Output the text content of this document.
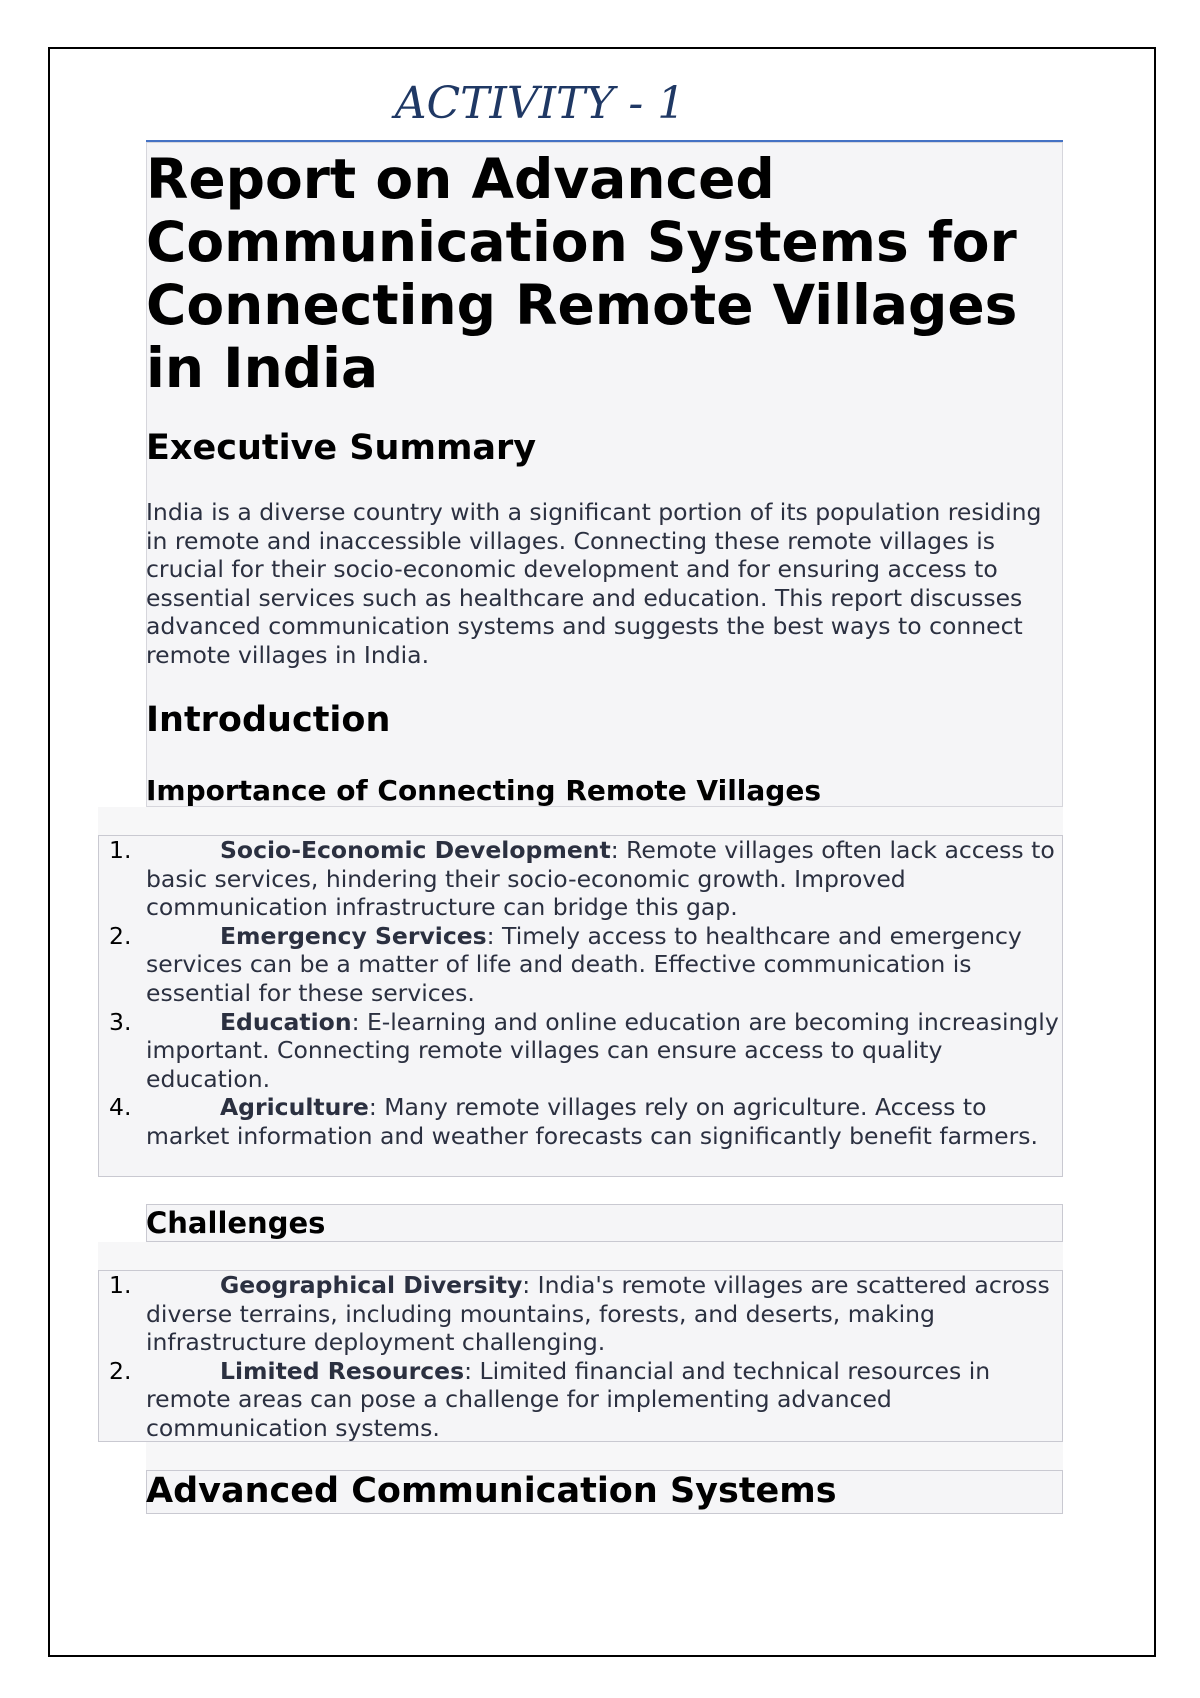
ACTIVITY - 1
Report on Advanced Communication Systems for Connecting Remote Villages in India
Executive Summary

India is a diverse country with a significant portion of its population residing in remote and inaccessible villages. Connecting these remote villages is crucial for their socio-economic development and for ensuring access to essential services such as healthcare and education. This report discusses advanced communication systems and suggests the best ways to connect remote villages in India.

Introduction
Importance of Connecting Remote Villages
1.	Socio-Economic Development: Remote villages often lack access to basic services, hindering their socio-economic growth. Improved communication infrastructure can bridge this gap.
2.	Emergency Services: Timely access to healthcare and emergency services can be a matter of life and death. Effective communication is essential for these services.
3.	Education: E-learning and online education are becoming increasingly important. Connecting remote villages can ensure access to quality education.
4.	Agriculture: Many remote villages rely on agriculture. Access to market information and weather forecasts can significantly benefit farmers.
Challenges
1.	Geographical Diversity: India's remote villages are scattered across diverse terrains, including mountains, forests, and deserts, making infrastructure deployment challenging.
2.	Limited Resources: Limited financial and technical resources in remote areas can pose a challenge for implementing advanced communication systems.
Advanced Communication Systems
